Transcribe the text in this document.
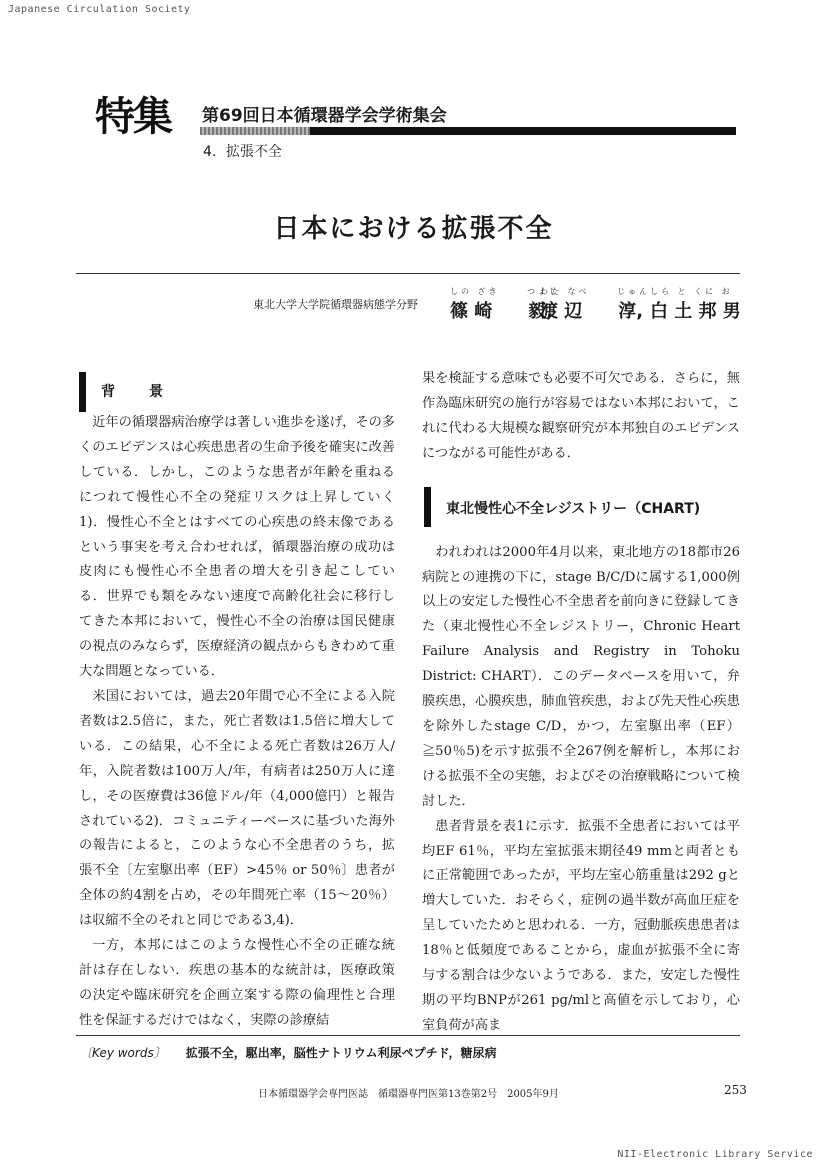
Japanese Circulation Society
特集 第69回日本循環器学会学術集会
4．拡張不全
日本における拡張不全
東北大学大学院循環器病態学分野
しの ざき　　 つよし
篠 崎　　毅,
わた なべ　　 じゅん
渡 辺　　淳,
しら と くに お
白 土 邦 男
背　　景

近年の循環器病治療学は著しい進歩を遂げ，その多くのエビデンスは心疾患患者の生命予後を確実に改善している．しかし，このような患者が年齢を重ねるにつれて慢性心不全の発症リスクは上昇していく1)．慢性心不全とはすべての心疾患の終末像であるという事実を考え合わせれば，循環器治療の成功は皮肉にも慢性心不全患者の増大を引き起こしている．世界でも類をみない速度で高齢化社会に移行してきた本邦において，慢性心不全の治療は国民健康の視点のみならず，医療経済の観点からもきわめて重大な問題となっている．

米国においては，過去20年間で心不全による入院者数は2.5倍に，また，死亡者数は1.5倍に増大している．この結果，心不全による死亡者数は26万人/年，入院者数は100万人/年，有病者は250万人に達し，その医療費は36億ドル/年（4,000億円）と報告されている2)．コミュニティーベースに基づいた海外の報告によると，このような心不全患者のうち，拡張不全〔左室駆出率（EF）>45％ or 50％〕患者が全体の約4割を占め，その年間死亡率（15～20％）は収縮不全のそれと同じである3,4)．

一方，本邦にはこのような慢性心不全の正確な統計は存在しない．疾患の基本的な統計は，医療政策の決定や臨床研究を企画立案する際の倫理性と合理性を保証するだけではなく，実際の診療結

果を検証する意味でも必要不可欠である．さらに，無作為臨床研究の施行が容易ではない本邦において，これに代わる大規模な観察研究が本邦独自のエビデンスにつながる可能性がある．

われわれは2000年4月以来，東北地方の18都市26病院との連携の下に，stage B/C/Dに属する1,000例以上の安定した慢性心不全患者を前向きに登録してきた（東北慢性心不全レジストリー，Chronic Heart Failure Analysis and Registry in Tohoku District: CHART）．このデータベースを用いて，弁膜疾患，心膜疾患，肺血管疾患，および先天性心疾患を除外したstage C/D，かつ，左室駆出率（EF）≧50％5)を示す拡張不全267例を解析し，本邦における拡張不全の実態，およびその治療戦略について検討した．

患者背景を表1に示す．拡張不全患者においては平均EF 61％，平均左室拡張末期径49 mmと両者ともに正常範囲であったが，平均左室心筋重量は292 gと増大していた．おそらく，症例の過半数が高血圧症を呈していたためと思われる．一方，冠動脈疾患患者は18％と低頻度であることから，虚血が拡張不全に寄与する割合は少ないようである．また，安定した慢性期の平均BNPが261 pg/mlと高値を示しており，心室負荷が高ま

東北慢性心不全レジストリー（CHART)
〔Key words〕 拡張不全，駆出率，脳性ナトリウム利尿ペプチド，糖尿病
日本循環器学会専門医誌　循環器専門医第13巻第2号　2005年9月	253
NII-Electronic Library Service
